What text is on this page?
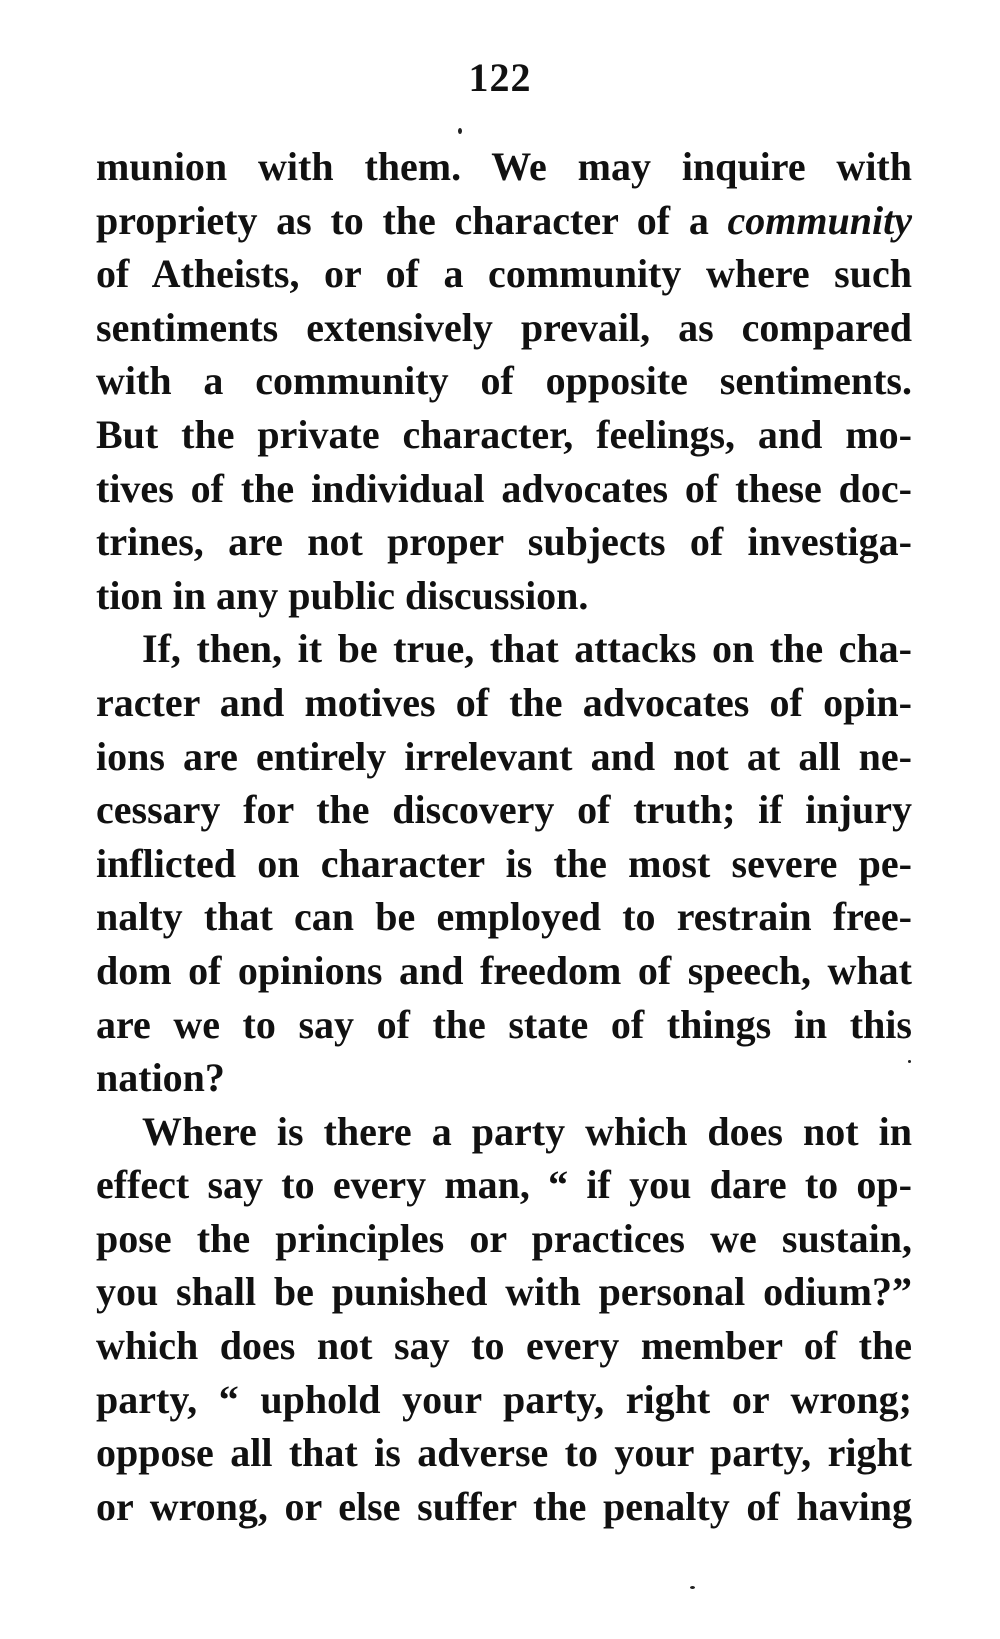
122
munion with them. We may inquire with
propriety as to the character of a community
of Atheists, or of a community where such
sentiments extensively prevail, as compared
with a community of opposite sentiments.
But the private character, feelings, and mo-
tives of the individual advocates of these doc-
trines, are not proper subjects of investiga-
tion in any public discussion.
If, then, it be true, that attacks on the cha-
racter and motives of the advocates of opin-
ions are entirely irrelevant and not at all ne-
cessary for the discovery of truth; if injury
inflicted on character is the most severe pe-
nalty that can be employed to restrain free-
dom of opinions and freedom of speech, what
are we to say of the state of things in this
nation?
Where is there a party which does not in
effect say to every man, “ if you dare to op-
pose the principles or practices we sustain,
you shall be punished with personal odium?”
which does not say to every member of the
party, “ uphold your party, right or wrong;
oppose all that is adverse to your party, right
or wrong, or else suffer the penalty of having
